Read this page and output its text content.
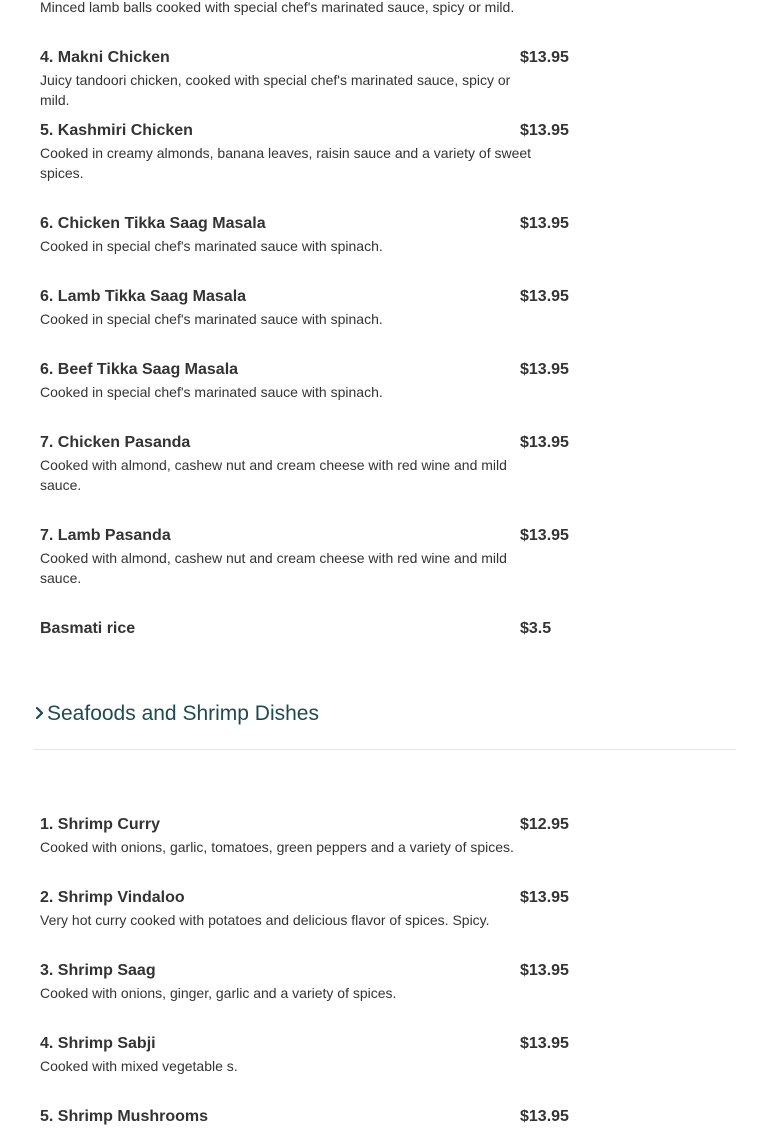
Minced lamb balls cooked with special chef's marinated sauce, spicy or mild.
4. Makni Chicken	$13.95
Juicy tandoori chicken, cooked with special chef's marinated sauce, spicy or mild.
5. Kashmiri Chicken	$13.95
Cooked in creamy almonds, banana leaves, raisin sauce and a variety of sweet spices.
6. Chicken Tikka Saag Masala	$13.95
Cooked in special chef's marinated sauce with spinach.
6. Lamb Tikka Saag Masala	$13.95
Cooked in special chef's marinated sauce with spinach.
6. Beef Tikka Saag Masala	$13.95
Cooked in special chef's marinated sauce with spinach.
7. Chicken Pasanda	$13.95
Cooked with almond, cashew nut and cream cheese with red wine and mild sauce.
7. Lamb Pasanda	$13.95
Cooked with almond, cashew nut and cream cheese with red wine and mild sauce.
Basmati rice	$3.5
Seafoods and Shrimp Dishes
1. Shrimp Curry	$12.95
Cooked with onions, garlic, tomatoes, green peppers and a variety of spices.
2. Shrimp Vindaloo	$13.95
Very hot curry cooked with potatoes and delicious flavor of spices. Spicy.
3. Shrimp Saag	$13.95
Cooked with onions, ginger, garlic and a variety of spices.
4. Shrimp Sabji	$13.95
Cooked with mixed vegetable s.
5. Shrimp Mushrooms	$13.95
